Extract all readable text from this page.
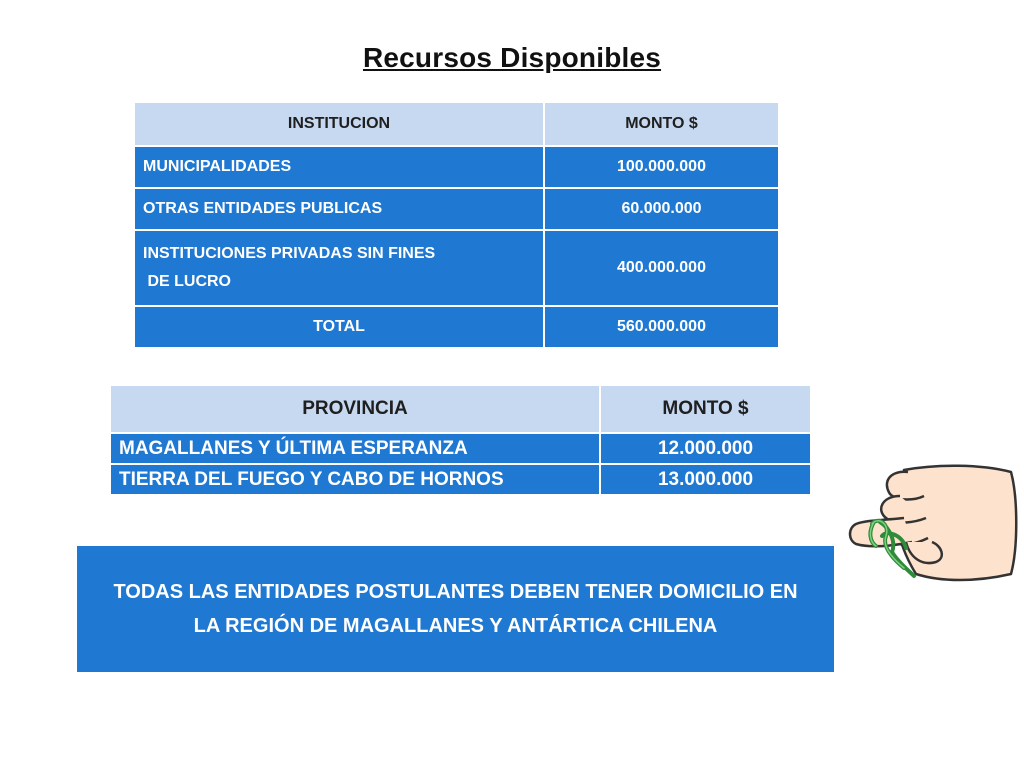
Recursos Disponibles
INSTITUCION	MONTO $
MUNICIPALIDADES	100.000.000
OTRAS ENTIDADES PUBLICAS	60.000.000

INSTITUCIONES PRIVADAS SIN FINES
DE LUCRO	400.000.000
TOTAL	560.000.000
PROVINCIA	MONTO $
MAGALLANES Y ÚLTIMA ESPERANZA	12.000.000
TIERRA DEL FUEGO Y CABO DE HORNOS	13.000.000
TODAS LAS ENTIDADES POSTULANTES DEBEN TENER DOMICILIO EN
LA REGIÓN DE MAGALLANES Y ANTÁRTICA CHILENA
